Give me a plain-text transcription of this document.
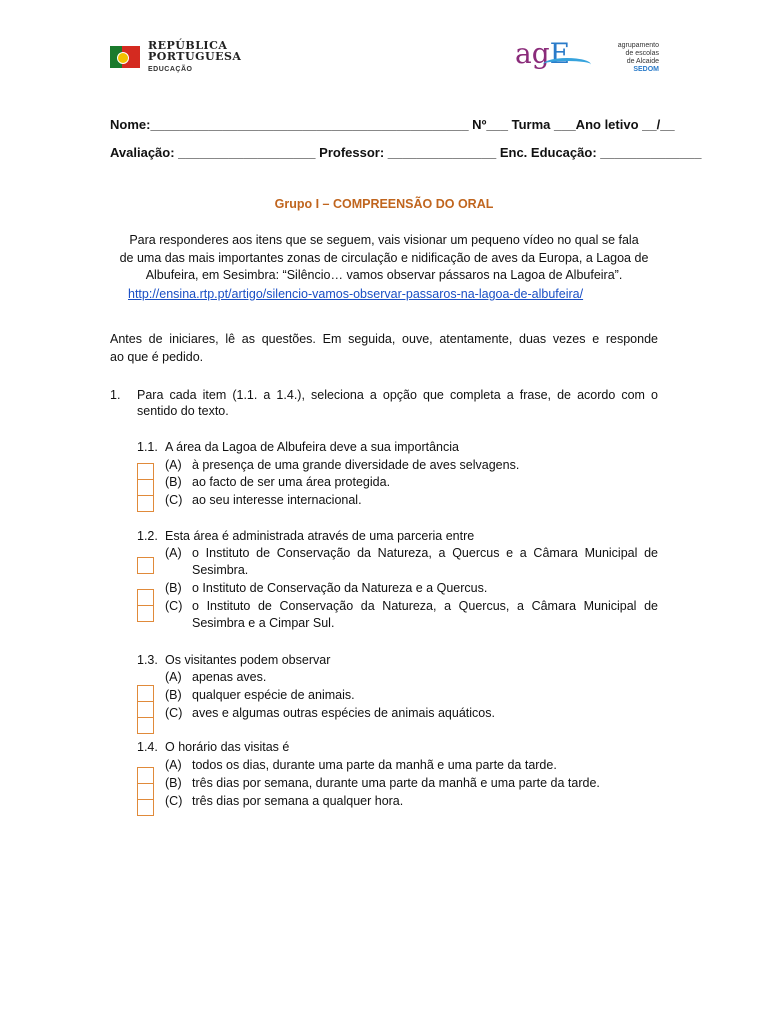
REPÚBLICA
PORTUGUESA
EDUCAÇÃO	agE	agrupamento
de escolas
de Alcaide
SEDOM
Nome:____________________________________________ Nº___ Turma ___Ano letivo __/__
Avaliação: ___________________ Professor: _______________ Enc. Educação: ______________
Grupo I – COMPREENSÃO DO ORAL
Para responderes aos itens que se seguem, vais visionar um pequeno vídeo no qual se fala
de uma das mais importantes zonas de circulação e nidificação de aves da Europa, a Lagoa de
Albufeira, em Sesimbra: “Silêncio… vamos observar pássaros na Lagoa de Albufeira”.
http://ensina.rtp.pt/artigo/silencio-vamos-observar-passaros-na-lagoa-de-albufeira/
Antes de iniciares, lê as questões. Em seguida, ouve, atentamente, duas vezes e responde
ao que é pedido.
1. Para cada item (1.1. a 1.4.), seleciona a opção que completa a frase, de acordo com o
sentido do texto.
1.1. A área da Lagoa de Albufeira deve a sua importância
(A) à presença de uma grande diversidade de aves selvagens.
(B) ao facto de ser uma área protegida.
(C) ao seu interesse internacional.
1.2. Esta área é administrada através de uma parceria entre
(A) o Instituto de Conservação da Natureza, a Quercus e a Câmara Municipal de
Sesimbra.
(B) o Instituto de Conservação da Natureza e a Quercus.
(C) o Instituto de Conservação da Natureza, a Quercus, a Câmara Municipal de
Sesimbra e a Cimpar Sul.
1.3. Os visitantes podem observar
(A) apenas aves.
(B) qualquer espécie de animais.
(C) aves e algumas outras espécies de animais aquáticos.
1.4. O horário das visitas é
(A) todos os dias, durante uma parte da manhã e uma parte da tarde.
(B) três dias por semana, durante uma parte da manhã e uma parte da tarde.
(C) três dias por semana a qualquer hora.
